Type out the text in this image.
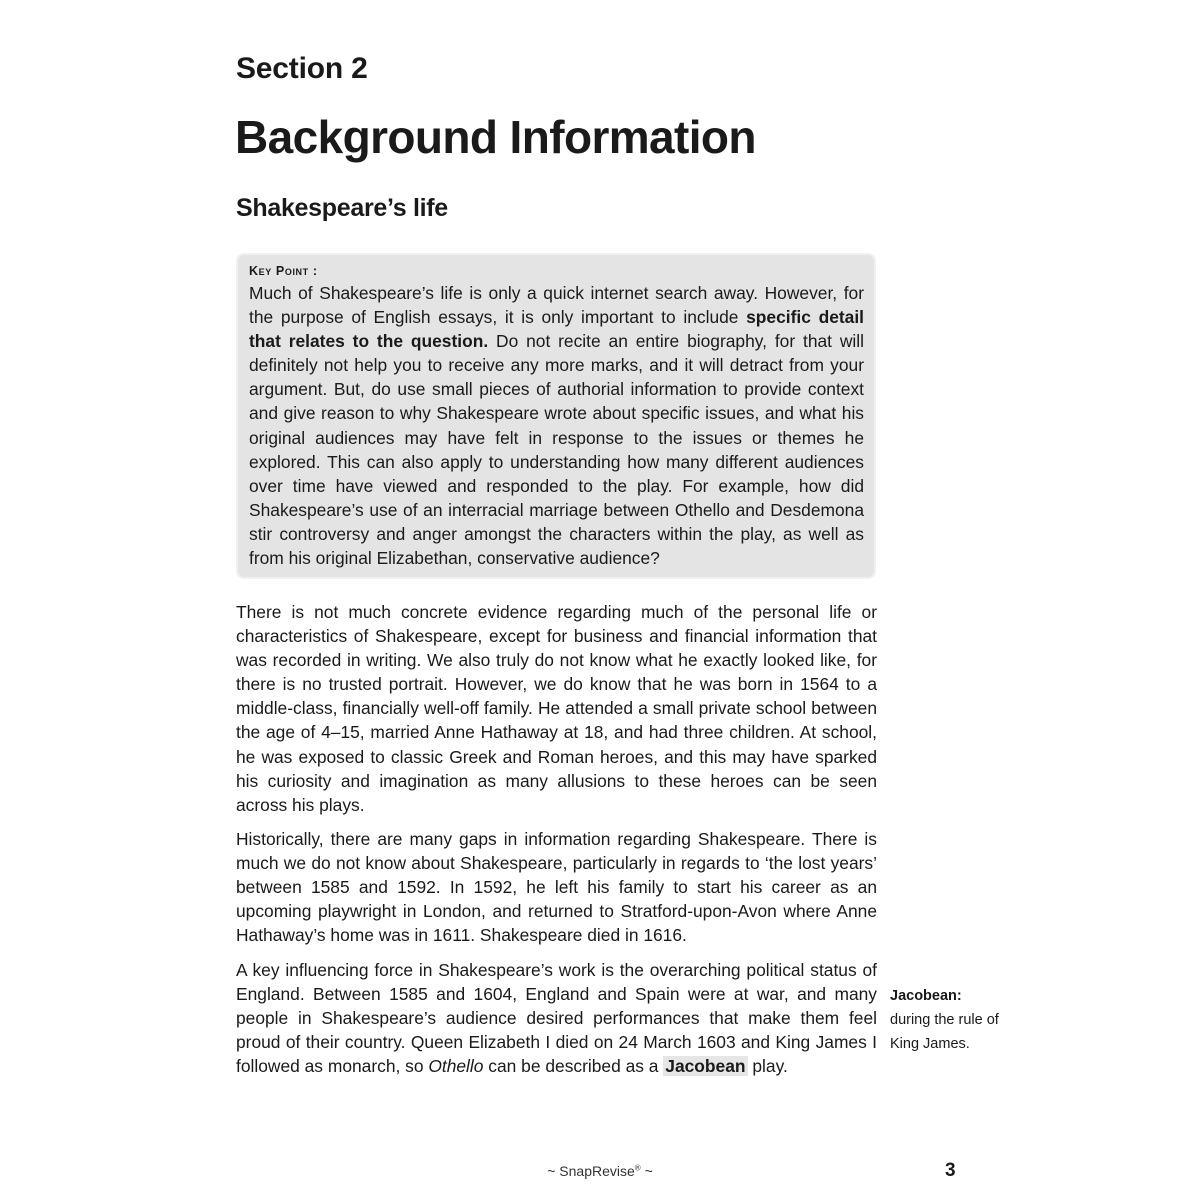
Section 2
Background Information
Shakespeare’s life

Key Point :

Much of Shakespeare’s life is only a quick internet search away. However, for the purpose of English essays, it is only important to include specific detail that relates to the question. Do not recite an entire biography, for that will definitely not help you to receive any more marks, and it will detract from your argument. But, do use small pieces of authorial information to provide context and give reason to why Shakespeare wrote about specific issues, and what his original audiences may have felt in response to the issues or themes he explored. This can also apply to understanding how many different audiences over time have viewed and responded to the play. For example, how did Shakespeare’s use of an interracial marriage between Othello and Desdemona stir controversy and anger amongst the characters within the play, as well as from his original Elizabethan, conservative audience?

There is not much concrete evidence regarding much of the personal life or characteristics of Shakespeare, except for business and financial information that was recorded in writing. We also truly do not know what he exactly looked like, for there is no trusted portrait. However, we do know that he was born in 1564 to a middle-class, financially well-off family. He attended a small private school between the age of 4–15, married Anne Hathaway at 18, and had three children. At school, he was exposed to classic Greek and Roman heroes, and this may have sparked his curiosity and imagination as many allusions to these heroes can be seen across his plays.

Historically, there are many gaps in information regarding Shakespeare. There is much we do not know about Shakespeare, particularly in regards to ‘the lost years’ between 1585 and 1592. In 1592, he left his family to start his career as an upcoming playwright in London, and returned to Stratford-upon-Avon where Anne Hathaway’s home was in 1611. Shakespeare died in 1616.

A key influencing force in Shakespeare’s work is the overarching political status of England. Between 1585 and 1604, England and Spain were at war, and many people in Shakespeare’s audience desired performances that make them feel proud of their country. Queen Elizabeth I died on 24 March 1603 and King James I followed as monarch, so Othello can be described as a Jacobean play.

Jacobean:
during the rule of King James.
~ SnapRevise® ~	3
